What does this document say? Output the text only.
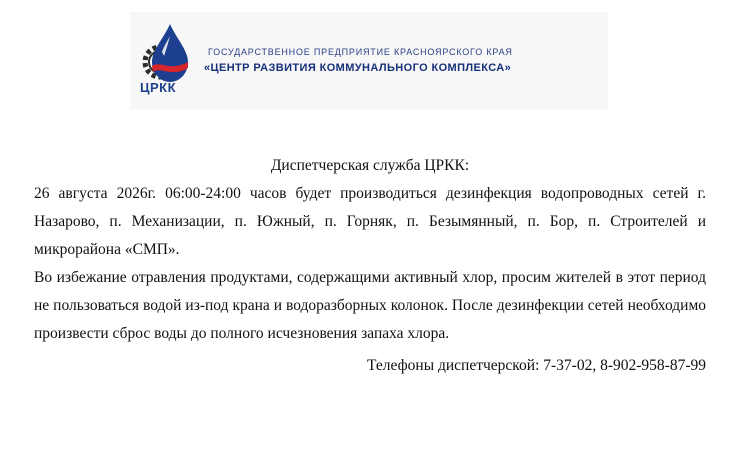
ЦРКК
ГОСУДАРСТВЕННОЕ ПРЕДПРИЯТИЕ КРАСНОЯРСКОГО КРАЯ
«ЦЕНТР РАЗВИТИЯ КОММУНАЛЬНОГО КОМПЛЕКСА»

Диспетчерская служба ЦРКК:

26 августа 2026г. 06:00-24:00 часов будет производиться дезинфекция водопроводных сетей г. Назарово, п. Механизации, п. Южный, п. Горняк, п. Безымянный, п. Бор, п. Строителей и микрорайона «СМП».

Во избежание отравления продуктами, содержащими активный хлор, просим жителей в этот период не пользоваться водой из-под крана и водоразборных колонок. После дезинфекции сетей необходимо произвести сброс воды до полного исчезновения запаха хлора.

Телефоны диспетчерской: 7-37-02, 8-902-958-87-99
